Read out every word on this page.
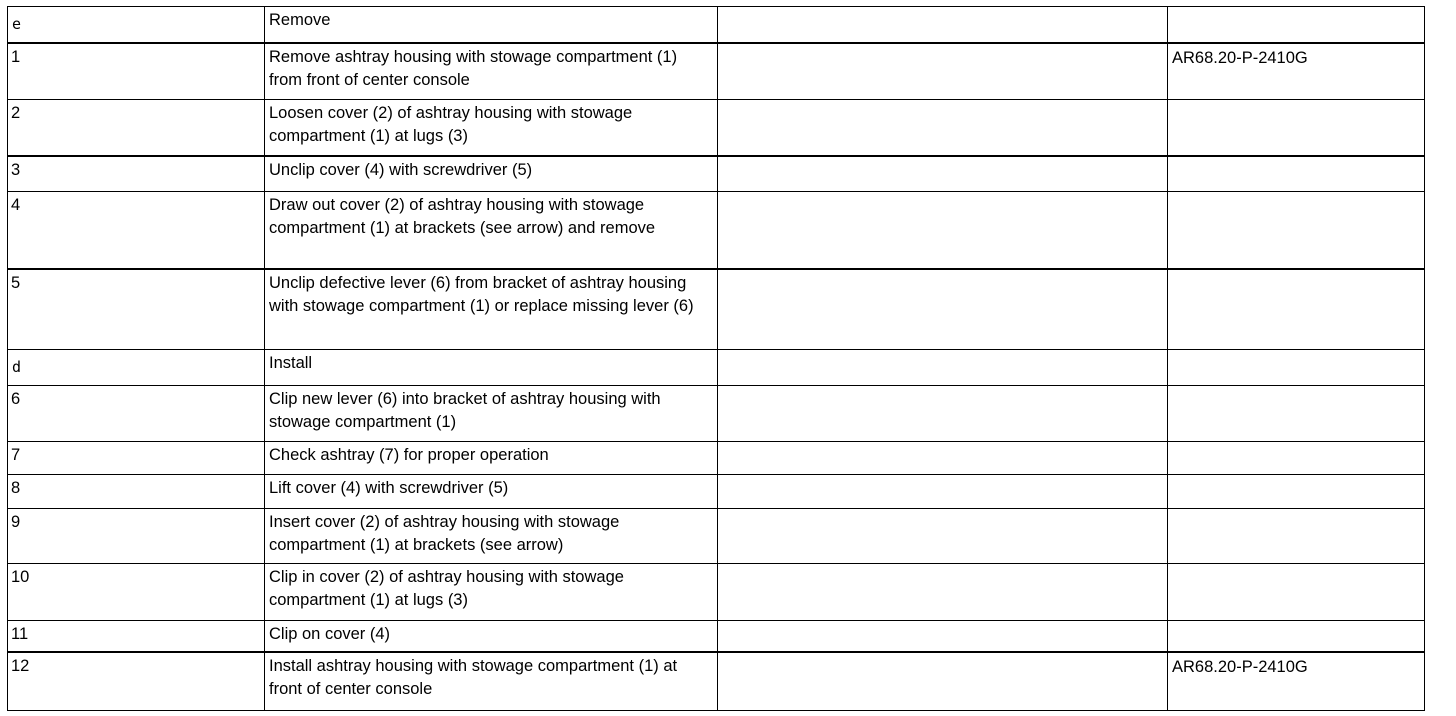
e	Remove		
1	Remove ashtray housing with stowage compartment (1) from front of center console		AR68.20-P-2410G
2	Loosen cover (2) of ashtray housing with stowage compartment (1) at lugs (3)		
3	Unclip cover (4) with screwdriver (5)		
4	Draw out cover (2) of ashtray housing with stowage compartment (1) at brackets (see arrow) and remove		
5	Unclip defective lever (6) from bracket of ashtray housing with stowage compartment (1) or replace missing lever (6)		
d	Install		
6	Clip new lever (6) into bracket of ashtray housing with stowage compartment (1)		
7	Check ashtray (7) for proper operation		
8	Lift cover (4) with screwdriver (5)		
9	Insert cover (2) of ashtray housing with stowage compartment (1) at brackets (see arrow)		
10	Clip in cover (2) of ashtray housing with stowage compartment (1) at lugs (3)		
11	Clip on cover (4)		
12	Install ashtray housing with stowage compartment (1) at front of center console		AR68.20-P-2410G
